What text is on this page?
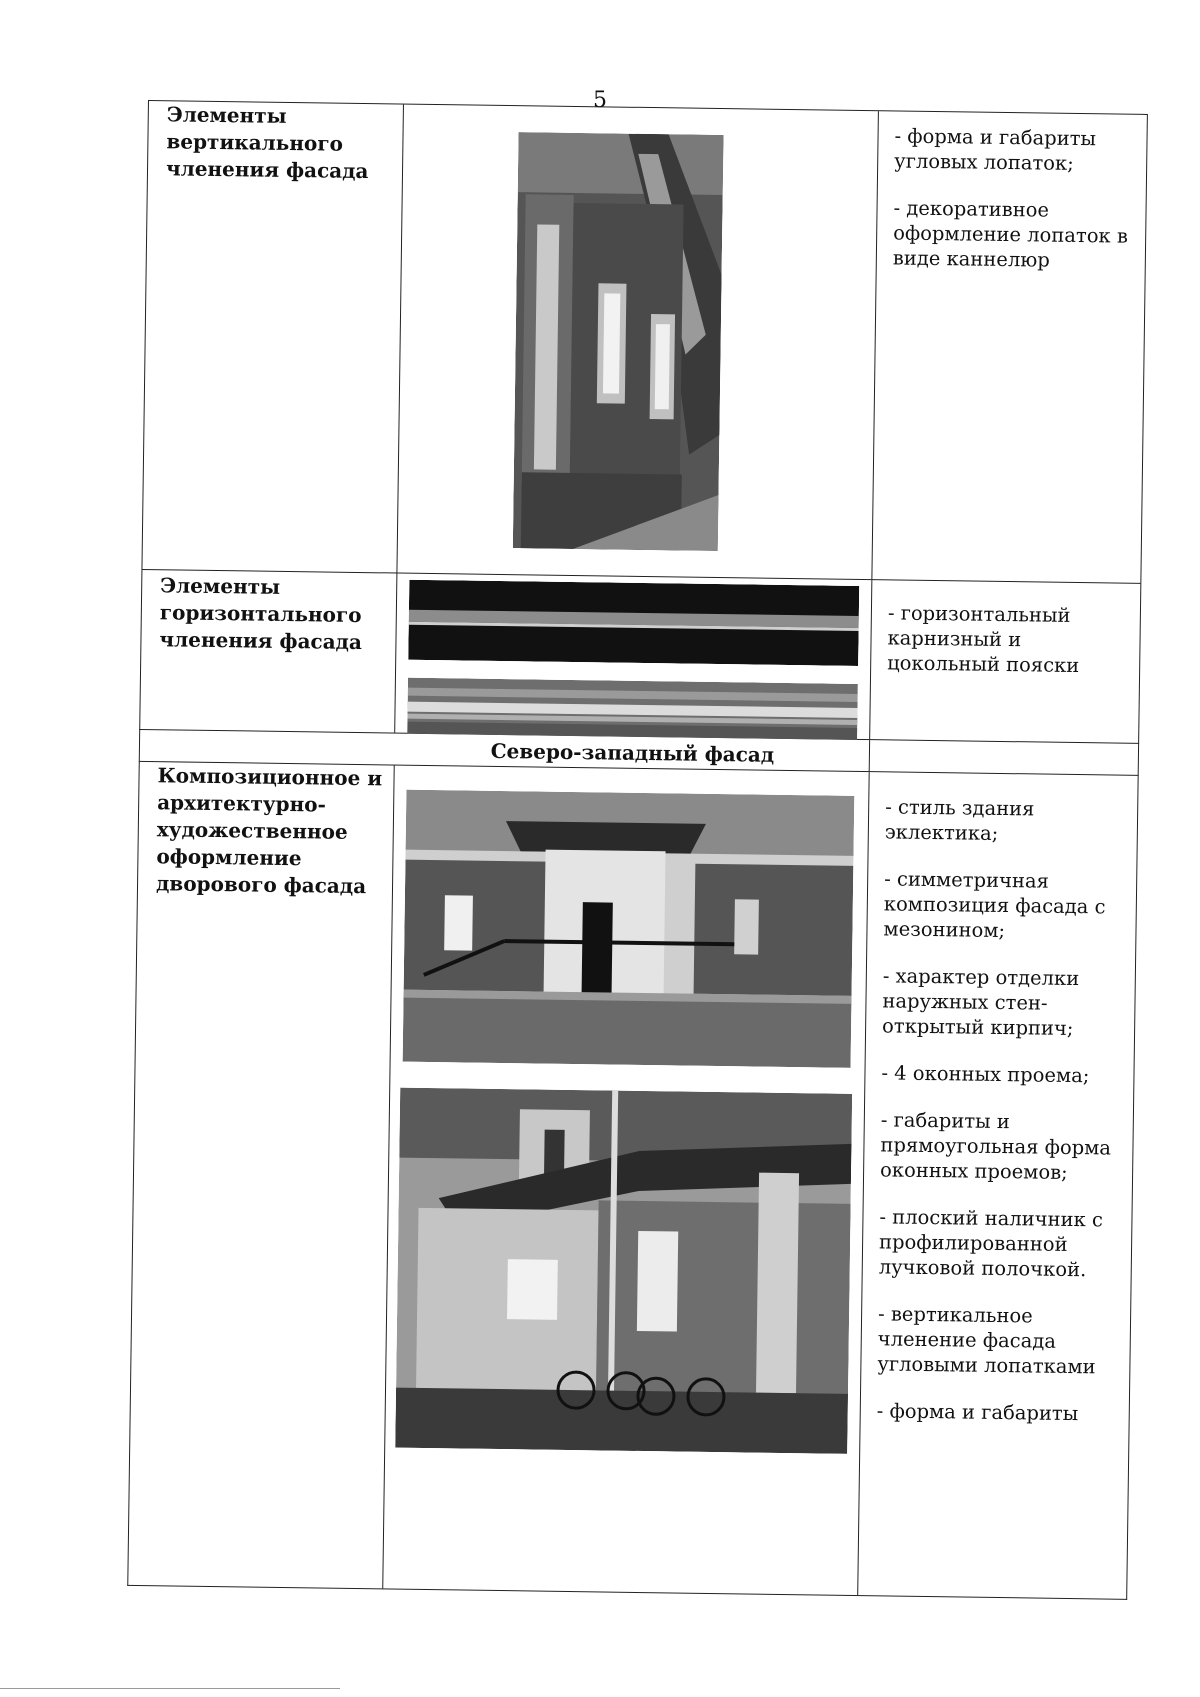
5
Элементы вертикального членения фасада

- форма и габариты угловых лопаток;

- декоративное оформление лопаток в виде каннелюр

Элементы горизонтального членения фасада

- горизонтальный карнизный и цокольный пояски

Северо-западный фасад
Композиционное и архитектурно-художественное оформление дворового фасада

- стиль здания эклектика;

- симметричная композиция фасада с мезонином;

- характер отделки наружных стен- открытый кирпич;

- 4 оконных проема;

- габариты и прямоугольная форма оконных проемов;

- плоский наличник с профилированной лучковой полочкой.

- вертикальное членение фасада угловыми лопатками

- форма и габариты
